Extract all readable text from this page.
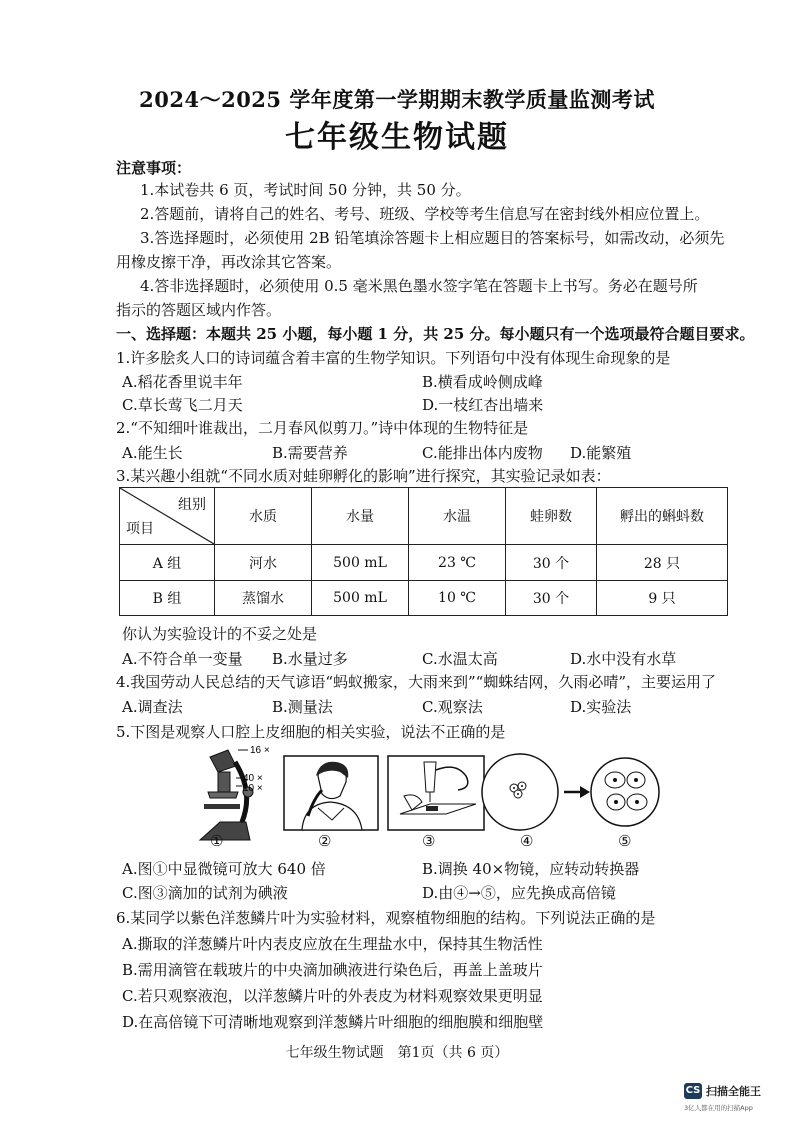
2024～2025 学年度第一学期期末教学质量监测考试
七年级生物试题
注意事项：
1.本试卷共 6 页，考试时间 50 分钟，共 50 分。
2.答题前，请将自己的姓名、考号、班级、学校等考生信息写在密封线外相应位置上。
3.答选择题时，必须使用 2B 铅笔填涂答题卡上相应题目的答案标号，如需改动，必须先
用橡皮擦干净，再改涂其它答案。
4.答非选择题时，必须使用 0.5 毫米黑色墨水签字笔在答题卡上书写。务必在题号所
指示的答题区域内作答。
一、选择题：本题共 25 小题，每小题 1 分，共 25 分。每小题只有一个选项最符合题目要求。
1.许多脍炙人口的诗词蕴含着丰富的生物学知识。下列语句中没有体现生命现象的是
A.稻花香里说丰年	B.横看成岭侧成峰
C.草长莺飞二月天	D.一枝红杏出墙来
2.“不知细叶谁裁出，二月春风似剪刀。”诗中体现的生物特征是
A.能生长	B.需要营养	C.能排出体内废物 D.能繁殖
3.某兴趣小组就“不同水质对蛙卵孵化的影响”进行探究，其实验记录如表：
组别
项目	水质	水量	水温	蛙卵数	孵出的蝌蚪数
A 组	河水	500 mL	23 ℃	30 个	28 只
B 组	蒸馏水	500 mL	10 ℃	30 个	9 只
你认为实验设计的不妥之处是
A.不符合单一变量 B.水量过多	C.水温太高	D.水中没有水草
4.我国劳动人民总结的天气谚语“蚂蚁搬家，大雨来到”“蜘蛛结网，久雨必晴”，主要运用了
A.调查法	B.测量法	C.观察法	D.实验法
5.下图是观察人口腔上皮细胞的相关实验，说法不正确的是
16 ×
40 ×
10 ×
①	②	③	④	⑤
A.图①中显微镜可放大 640 倍	B.调换 40×物镜，应转动转换器
C.图③滴加的试剂为碘液	D.由④→⑤，应先换成高倍镜
6.某同学以紫色洋葱鳞片叶为实验材料，观察植物细胞的结构。下列说法正确的是
A.撕取的洋葱鳞片叶内表皮应放在生理盐水中，保持其生物活性
B.需用滴管在载玻片的中央滴加碘液进行染色后，再盖上盖玻片
C.若只观察液泡，以洋葱鳞片叶的外表皮为材料观察效果更明显
D.在高倍镜下可清晰地观察到洋葱鳞片叶细胞的细胞膜和细胞壁
七年级生物试题　第1页（共 6 页）
CS 扫描全能王
3亿人都在用的扫描App
